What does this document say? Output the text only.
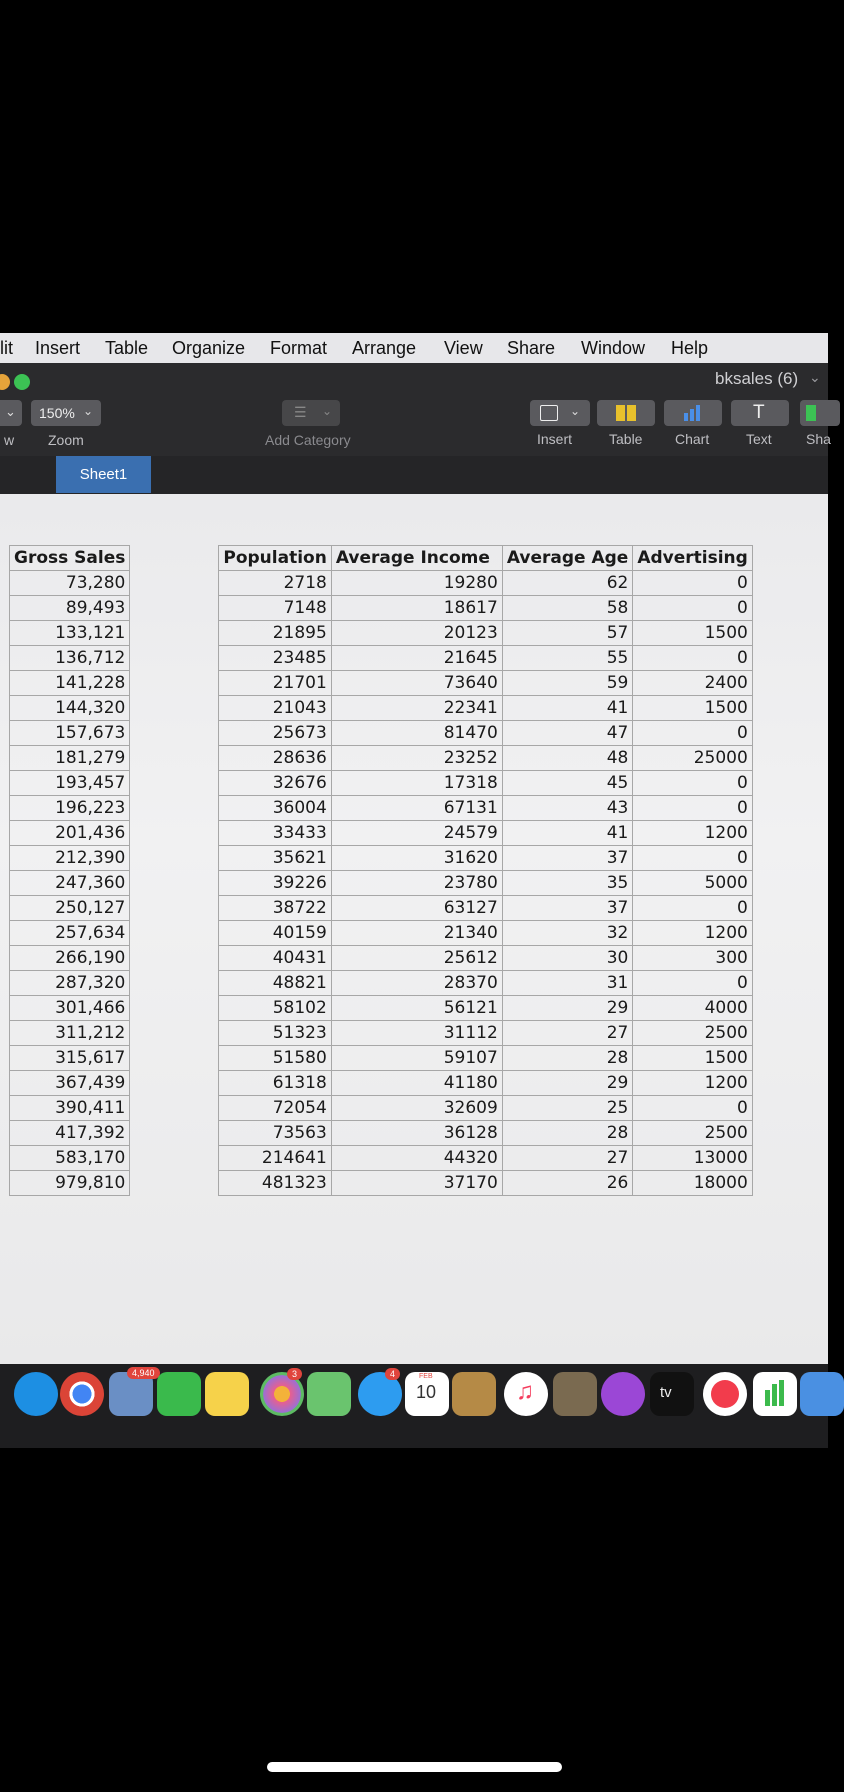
lit Insert Table Organize Format Arrange View Share Window Help
bksales (6) ⌄
⌄
w
150% ⌄
Zoom
☰ ⌄
Add Category
⌄
Insert	Table Chart
T
Text Sha
Sheet1
Gross Sales		Population	Average Income	Average Age	Advertising
73,280		2718	19280	62	0
89,493		7148	18617	58	0
133,121		21895	20123	57	1500
136,712		23485	21645	55	0
141,228		21701	73640	59	2400
144,320		21043	22341	41	1500
157,673		25673	81470	47	0
181,279		28636	23252	48	25000
193,457		32676	17318	45	0
196,223		36004	67131	43	0
201,436		33433	24579	41	1200
212,390		35621	31620	37	0
247,360		39226	23780	35	5000
250,127		38722	63127	37	0
257,634		40159	21340	32	1200
266,190		40431	25612	30	300
287,320		48821	28370	31	0
301,466		58102	56121	29	4000
311,212		51323	31112	27	2500
315,617		51580	59107	28	1500
367,439		61318	41180	29	1200
390,411		72054	32609	25	0
417,392		73563	36128	28	2500
583,170		214641	44320	27	13000
979,810		481323	37170	26	18000
4,940	3	4	FEB
10	♫	tv
